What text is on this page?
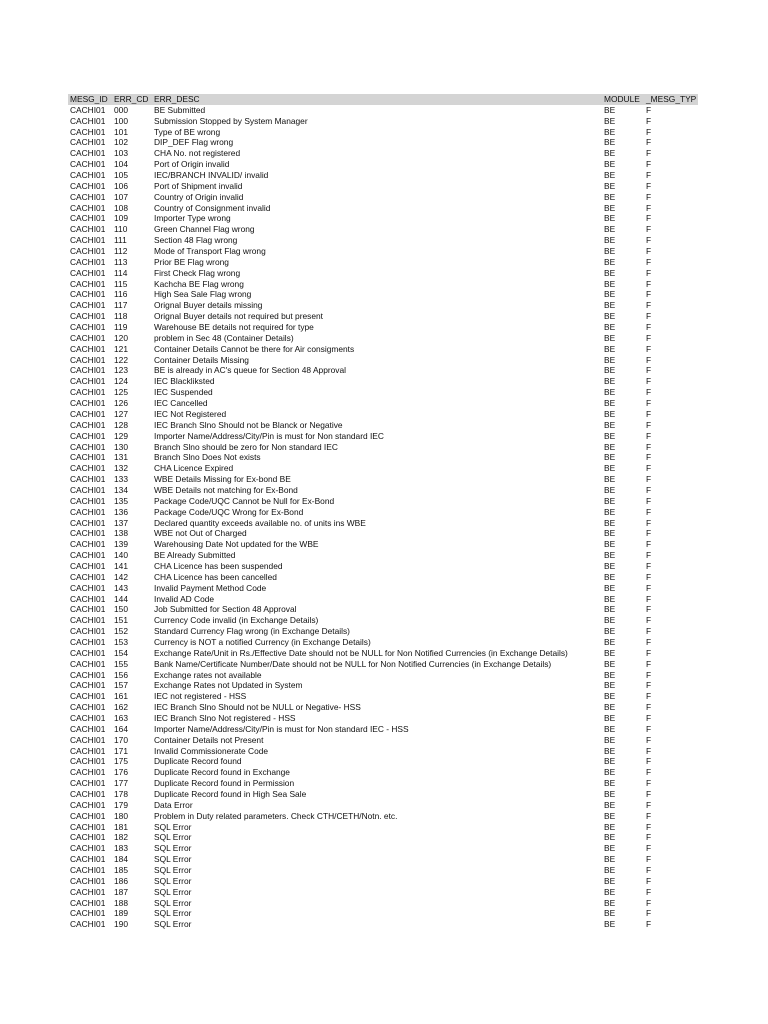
MESG_ID ERR_CD ERR_DESC	MODULE _MESG_TYP
CACHI01 000	BE Submitted	BE	F
CACHI01 100	Submission Stopped by System Manager	BE	F
CACHI01 101	Type of BE wrong	BE	F
CACHI01 102	DIP_DEF Flag wrong	BE	F
CACHI01 103	CHA No. not registered	BE	F
CACHI01 104	Port of Origin invalid	BE	F
CACHI01 105	IEC/BRANCH INVALID/ invalid	BE	F
CACHI01 106	Port of Shipment invalid	BE	F
CACHI01 107	Country of Origin invalid	BE	F
CACHI01 108	Country of Consignment invalid	BE	F
CACHI01 109	Importer Type wrong	BE	F
CACHI01 110	Green Channel Flag wrong	BE	F
CACHI01 111	Section 48 Flag wrong	BE	F
CACHI01 112	Mode of Transport Flag wrong	BE	F
CACHI01 113	Prior BE Flag wrong	BE	F
CACHI01 114	First Check Flag wrong	BE	F
CACHI01 115	Kachcha BE Flag wrong	BE	F
CACHI01 116	High Sea Sale Flag wrong	BE	F
CACHI01 117	Orignal Buyer details missing	BE	F
CACHI01 118	Orignal Buyer details not required but present	BE	F
CACHI01 119	Warehouse BE details not required for type	BE	F
CACHI01 120	problem in Sec 48 (Container Details)	BE	F
CACHI01 121	Container Details Cannot be there for Air consigments	BE	F
CACHI01 122	Container Details Missing	BE	F
CACHI01 123	BE is already in AC's queue for Section 48 Approval	BE	F
CACHI01 124	IEC Blackliksted	BE	F
CACHI01 125	IEC Suspended	BE	F
CACHI01 126	IEC Cancelled	BE	F
CACHI01 127	IEC Not Registered	BE	F
CACHI01 128	IEC Branch Slno Should not be Blanck or Negative	BE	F
CACHI01 129	Importer Name/Address/City/Pin is must for Non standard IEC	BE	F
CACHI01 130	Branch Slno should be zero for Non standard IEC	BE	F
CACHI01 131	Branch Slno Does Not exists	BE	F
CACHI01 132	CHA Licence Expired	BE	F
CACHI01 133	WBE Details Missing for Ex-bond BE	BE	F
CACHI01 134	WBE Details not matching for Ex-Bond	BE	F
CACHI01 135	Package Code/UQC Cannot be Null for Ex-Bond	BE	F
CACHI01 136	Package Code/UQC Wrong for Ex-Bond	BE	F
CACHI01 137	Declared quantity exceeds available no. of units ins WBE	BE	F
CACHI01 138	WBE not Out of Charged	BE	F
CACHI01 139	Warehousing Date Not updated for the WBE	BE	F
CACHI01 140	BE Already Submitted	BE	F
CACHI01 141	CHA Licence has been suspended	BE	F
CACHI01 142	CHA Licence has been cancelled	BE	F
CACHI01 143	Invalid Payment Method Code	BE	F
CACHI01 144	Invalid AD Code	BE	F
CACHI01 150	Job Submitted for Section 48 Approval	BE	F
CACHI01 151	Currency Code invalid (in Exchange Details)	BE	F
CACHI01 152	Standard Currency Flag wrong (in Exchange Details)	BE	F
CACHI01 153	Currency is NOT a notified Currency (in Exchange Details)	BE	F
CACHI01 154	Exchange Rate/Unit in Rs./Effective Date should not be NULL for Non Notified Currencies (in Exchange Details)	BE	F
CACHI01 155	Bank Name/Certificate Number/Date should not be NULL for Non Notified Currencies (in Exchange Details)	BE	F
CACHI01 156	Exchange rates not available	BE	F
CACHI01 157	Exchange Rates not Updated in System	BE	F
CACHI01 161	IEC not registered - HSS	BE	F
CACHI01 162	IEC Branch Slno Should not be NULL or Negative- HSS	BE	F
CACHI01 163	IEC Branch Slno Not registered - HSS	BE	F
CACHI01 164	Importer Name/Address/City/Pin is must for Non standard IEC - HSS	BE	F
CACHI01 170	Container Details not Present	BE	F
CACHI01 171	Invalid Commissionerate Code	BE	F
CACHI01 175	Duplicate Record found	BE	F
CACHI01 176	Duplicate Record found in Exchange	BE	F
CACHI01 177	Duplicate Record found in Permission	BE	F
CACHI01 178	Duplicate Record found in High Sea Sale	BE	F
CACHI01 179	Data Error	BE	F
CACHI01 180	Problem in Duty related parameters. Check CTH/CETH/Notn. etc.	BE	F
CACHI01 181	SQL Error	BE	F
CACHI01 182	SQL Error	BE	F
CACHI01 183	SQL Error	BE	F
CACHI01 184	SQL Error	BE	F
CACHI01 185	SQL Error	BE	F
CACHI01 186	SQL Error	BE	F
CACHI01 187	SQL Error	BE	F
CACHI01 188	SQL Error	BE	F
CACHI01 189	SQL Error	BE	F
CACHI01 190	SQL Error	BE	F
